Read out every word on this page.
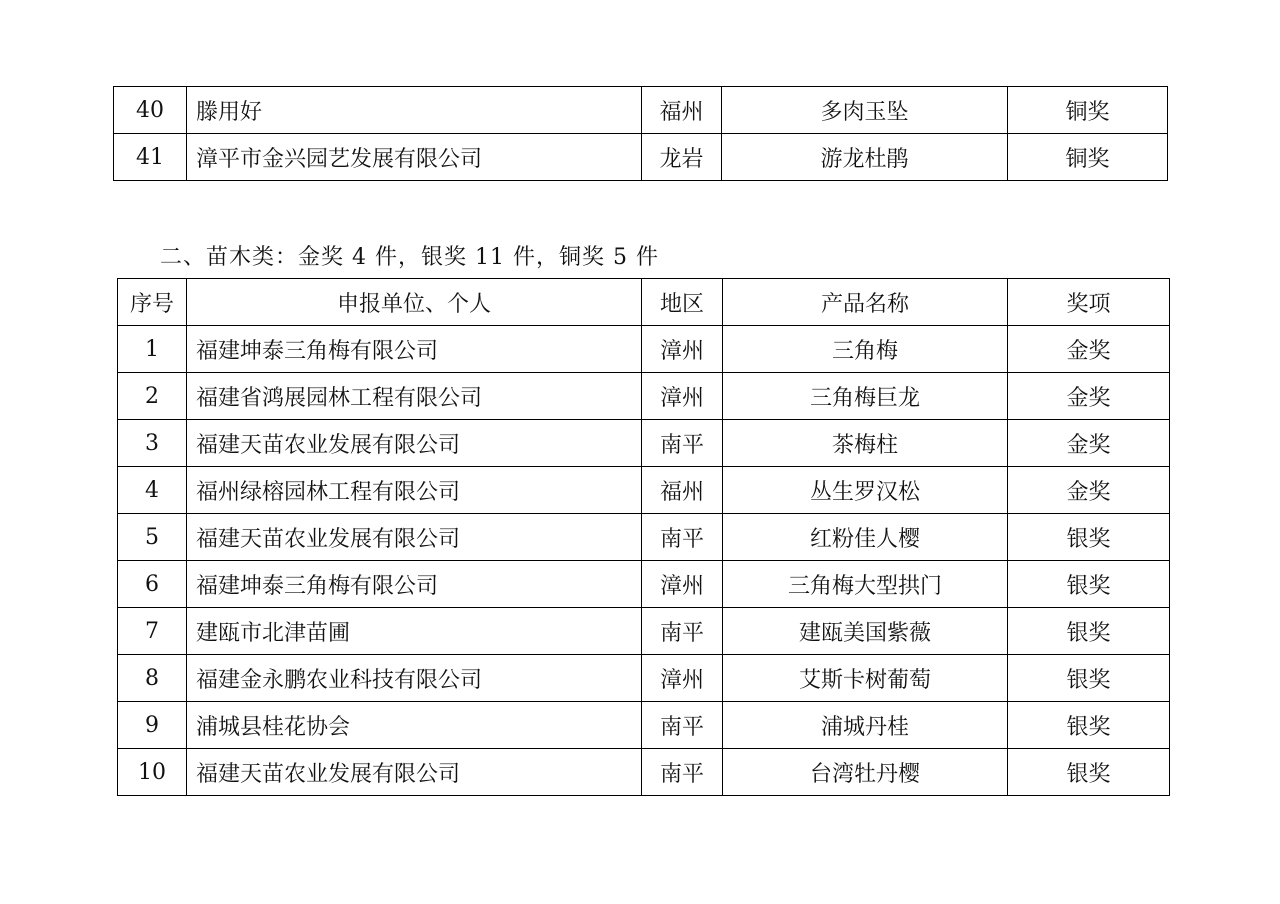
40	滕用好	福州	多肉玉坠	铜奖
41	漳平市金兴园艺发展有限公司	龙岩	游龙杜鹃	铜奖
二、苗木类：金奖 4 件，银奖 11 件，铜奖 5 件
序号	申报单位、个人	地区	产品名称	奖项
1	福建坤泰三角梅有限公司	漳州	三角梅	金奖
2	福建省鸿展园林工程有限公司	漳州	三角梅巨龙	金奖
3	福建天苗农业发展有限公司	南平	茶梅柱	金奖
4	福州绿榕园林工程有限公司	福州	丛生罗汉松	金奖
5	福建天苗农业发展有限公司	南平	红粉佳人樱	银奖
6	福建坤泰三角梅有限公司	漳州	三角梅大型拱门	银奖
7	建瓯市北津苗圃	南平	建瓯美国紫薇	银奖
8	福建金永鹏农业科技有限公司	漳州	艾斯卡树葡萄	银奖
9	浦城县桂花协会	南平	浦城丹桂	银奖
10	福建天苗农业发展有限公司	南平	台湾牡丹樱	银奖
